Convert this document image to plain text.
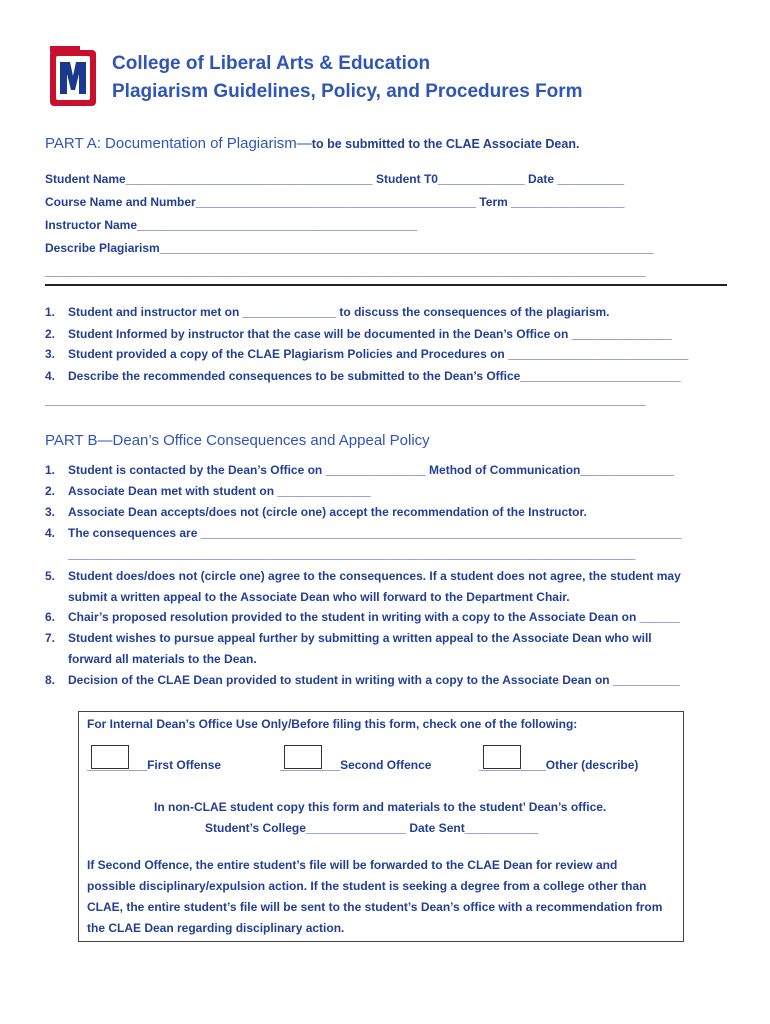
College of Liberal Arts & Education
Plagiarism Guidelines, Policy, and Procedures Form
PART A: Documentation of Plagiarism—to be submitted to the CLAE Associate Dean.
Student Name_____________________________________ Student T0_____________ Date __________
Course Name and Number__________________________________________ Term _________________
Instructor Name__________________________________________
Describe Plagiarism__________________________________________________________________________
__________________________________________________________________________________________
1. Student and instructor met on ______________ to discuss the consequences of the plagiarism.
2. Student Informed by instructor that the case will be documented in the Dean’s Office on _______________
3. Student provided a copy of the CLAE Plagiarism Policies and Procedures on ___________________________
4. Describe the recommended consequences to be submitted to the Dean’s Office________________________
__________________________________________________________________________________________
PART B—Dean’s Office Consequences and Appeal Policy
1. Student is contacted by the Dean’s Office on _______________ Method of Communication______________
2. Associate Dean met with student on ______________
3. Associate Dean accepts/does not (circle one) accept the recommendation of the Instructor.
4. The consequences are ________________________________________________________________________
_____________________________________________________________________________________
5. Student does/does not (circle one) agree to the consequences. If a student does not agree, the student may
submit a written appeal to the Associate Dean who will forward to the Department Chair.
6. Chair’s proposed resolution provided to the student in writing with a copy to the Associate Dean on ______
7. Student wishes to pursue appeal further by submitting a written appeal to the Associate Dean who will
forward all materials to the Dean.
8. Decision of the CLAE Dean provided to student in writing with a copy to the Associate Dean on __________
For Internal Dean’s Office Use Only/Before filing this form, check one of the following:
_________First Offense	_________Second Offence	__________Other (describe)
In non-CLAE student copy this form and materials to the student’ Dean’s office.
Student’s College_______________ Date Sent___________
If Second Offence, the entire student’s file will be forwarded to the CLAE Dean for review and
possible disciplinary/expulsion action. If the student is seeking a degree from a college other than
CLAE, the entire student’s file will be sent to the student’s Dean’s office with a recommendation from
the CLAE Dean regarding disciplinary action.
